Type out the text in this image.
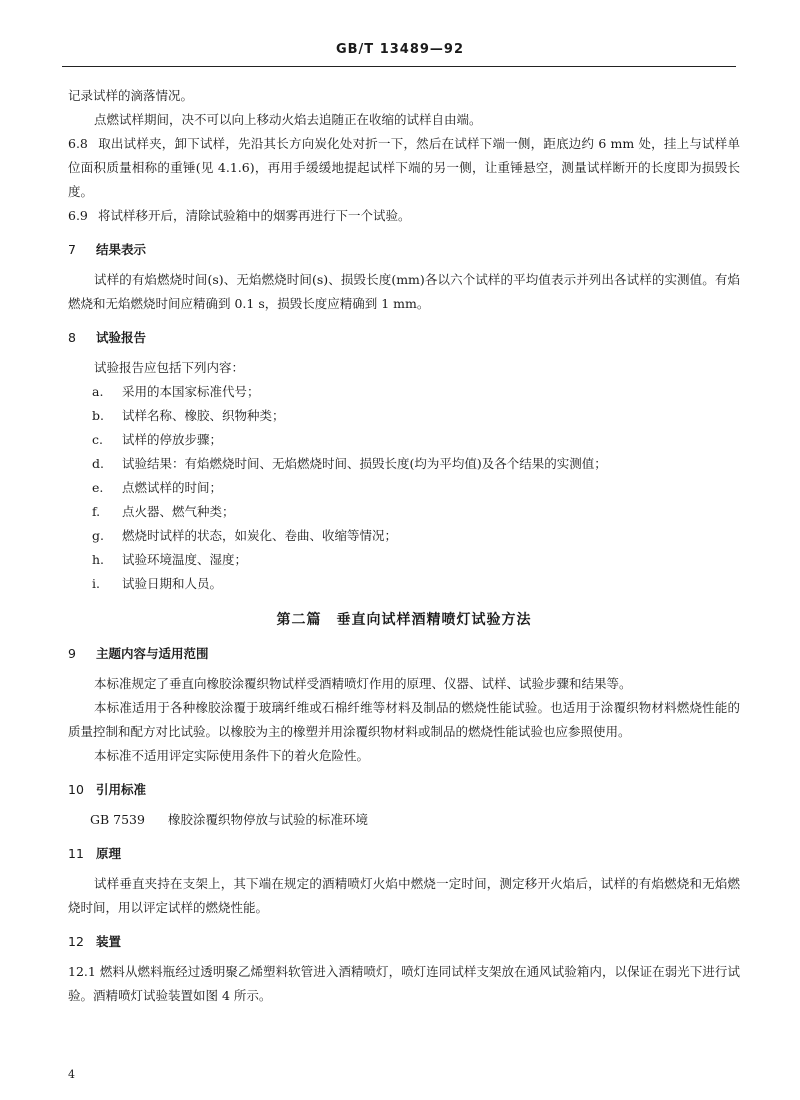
GB/T 13489—92

记录试样的滴落情况。

点燃试样期间，决不可以向上移动火焰去追随正在收缩的试样自由端。

6.8 取出试样夹，卸下试样，先沿其长方向炭化处对折一下，然后在试样下端一侧，距底边约 6 mm 处，挂上与试样单位面积质量相称的重锤(见 4.1.6)，再用手缓缓地提起试样下端的另一侧，让重锤悬空，测量试样断开的长度即为损毁长度。

6.9 将试样移开后，清除试验箱中的烟雾再进行下一个试验。

7 结果表示

试样的有焰燃烧时间(s)、无焰燃烧时间(s)、损毁长度(mm)各以六个试样的平均值表示并列出各试样的实测值。有焰燃烧和无焰燃烧时间应精确到 0.1 s，损毁长度应精确到 1 mm。

8 试验报告

试验报告应包括下列内容：

a. 采用的本国家标准代号；
b. 试样名称、橡胶、织物种类；
c. 试样的停放步骤；
d. 试验结果：有焰燃烧时间、无焰燃烧时间、损毁长度(均为平均值)及各个结果的实测值；
e. 点燃试样的时间；
f. 点火器、燃气种类；
g. 燃烧时试样的状态，如炭化、卷曲、收缩等情况；
h. 试验环境温度、湿度；
i. 试验日期和人员。
第二篇　垂直向试样酒精喷灯试验方法
9 主题内容与适用范围

本标准规定了垂直向橡胶涂覆织物试样受酒精喷灯作用的原理、仪器、试样、试验步骤和结果等。

本标准适用于各种橡胶涂覆于玻璃纤维或石棉纤维等材料及制品的燃烧性能试验。也适用于涂覆织物材料燃烧性能的质量控制和配方对比试验。以橡胶为主的橡塑并用涂覆织物材料或制品的燃烧性能试验也应参照使用。

本标准不适用评定实际使用条件下的着火危险性。

10 引用标准

GB 7539 橡胶涂覆织物停放与试验的标准环境

11 原理

试样垂直夹持在支架上，其下端在规定的酒精喷灯火焰中燃烧一定时间，测定移开火焰后，试样的有焰燃烧和无焰燃烧时间，用以评定试样的燃烧性能。

12 装置

12.1 燃料从燃料瓶经过透明聚乙烯塑料软管进入酒精喷灯，喷灯连同试样支架放在通风试验箱内，以保证在弱光下进行试验。酒精喷灯试验装置如图 4 所示。

4
